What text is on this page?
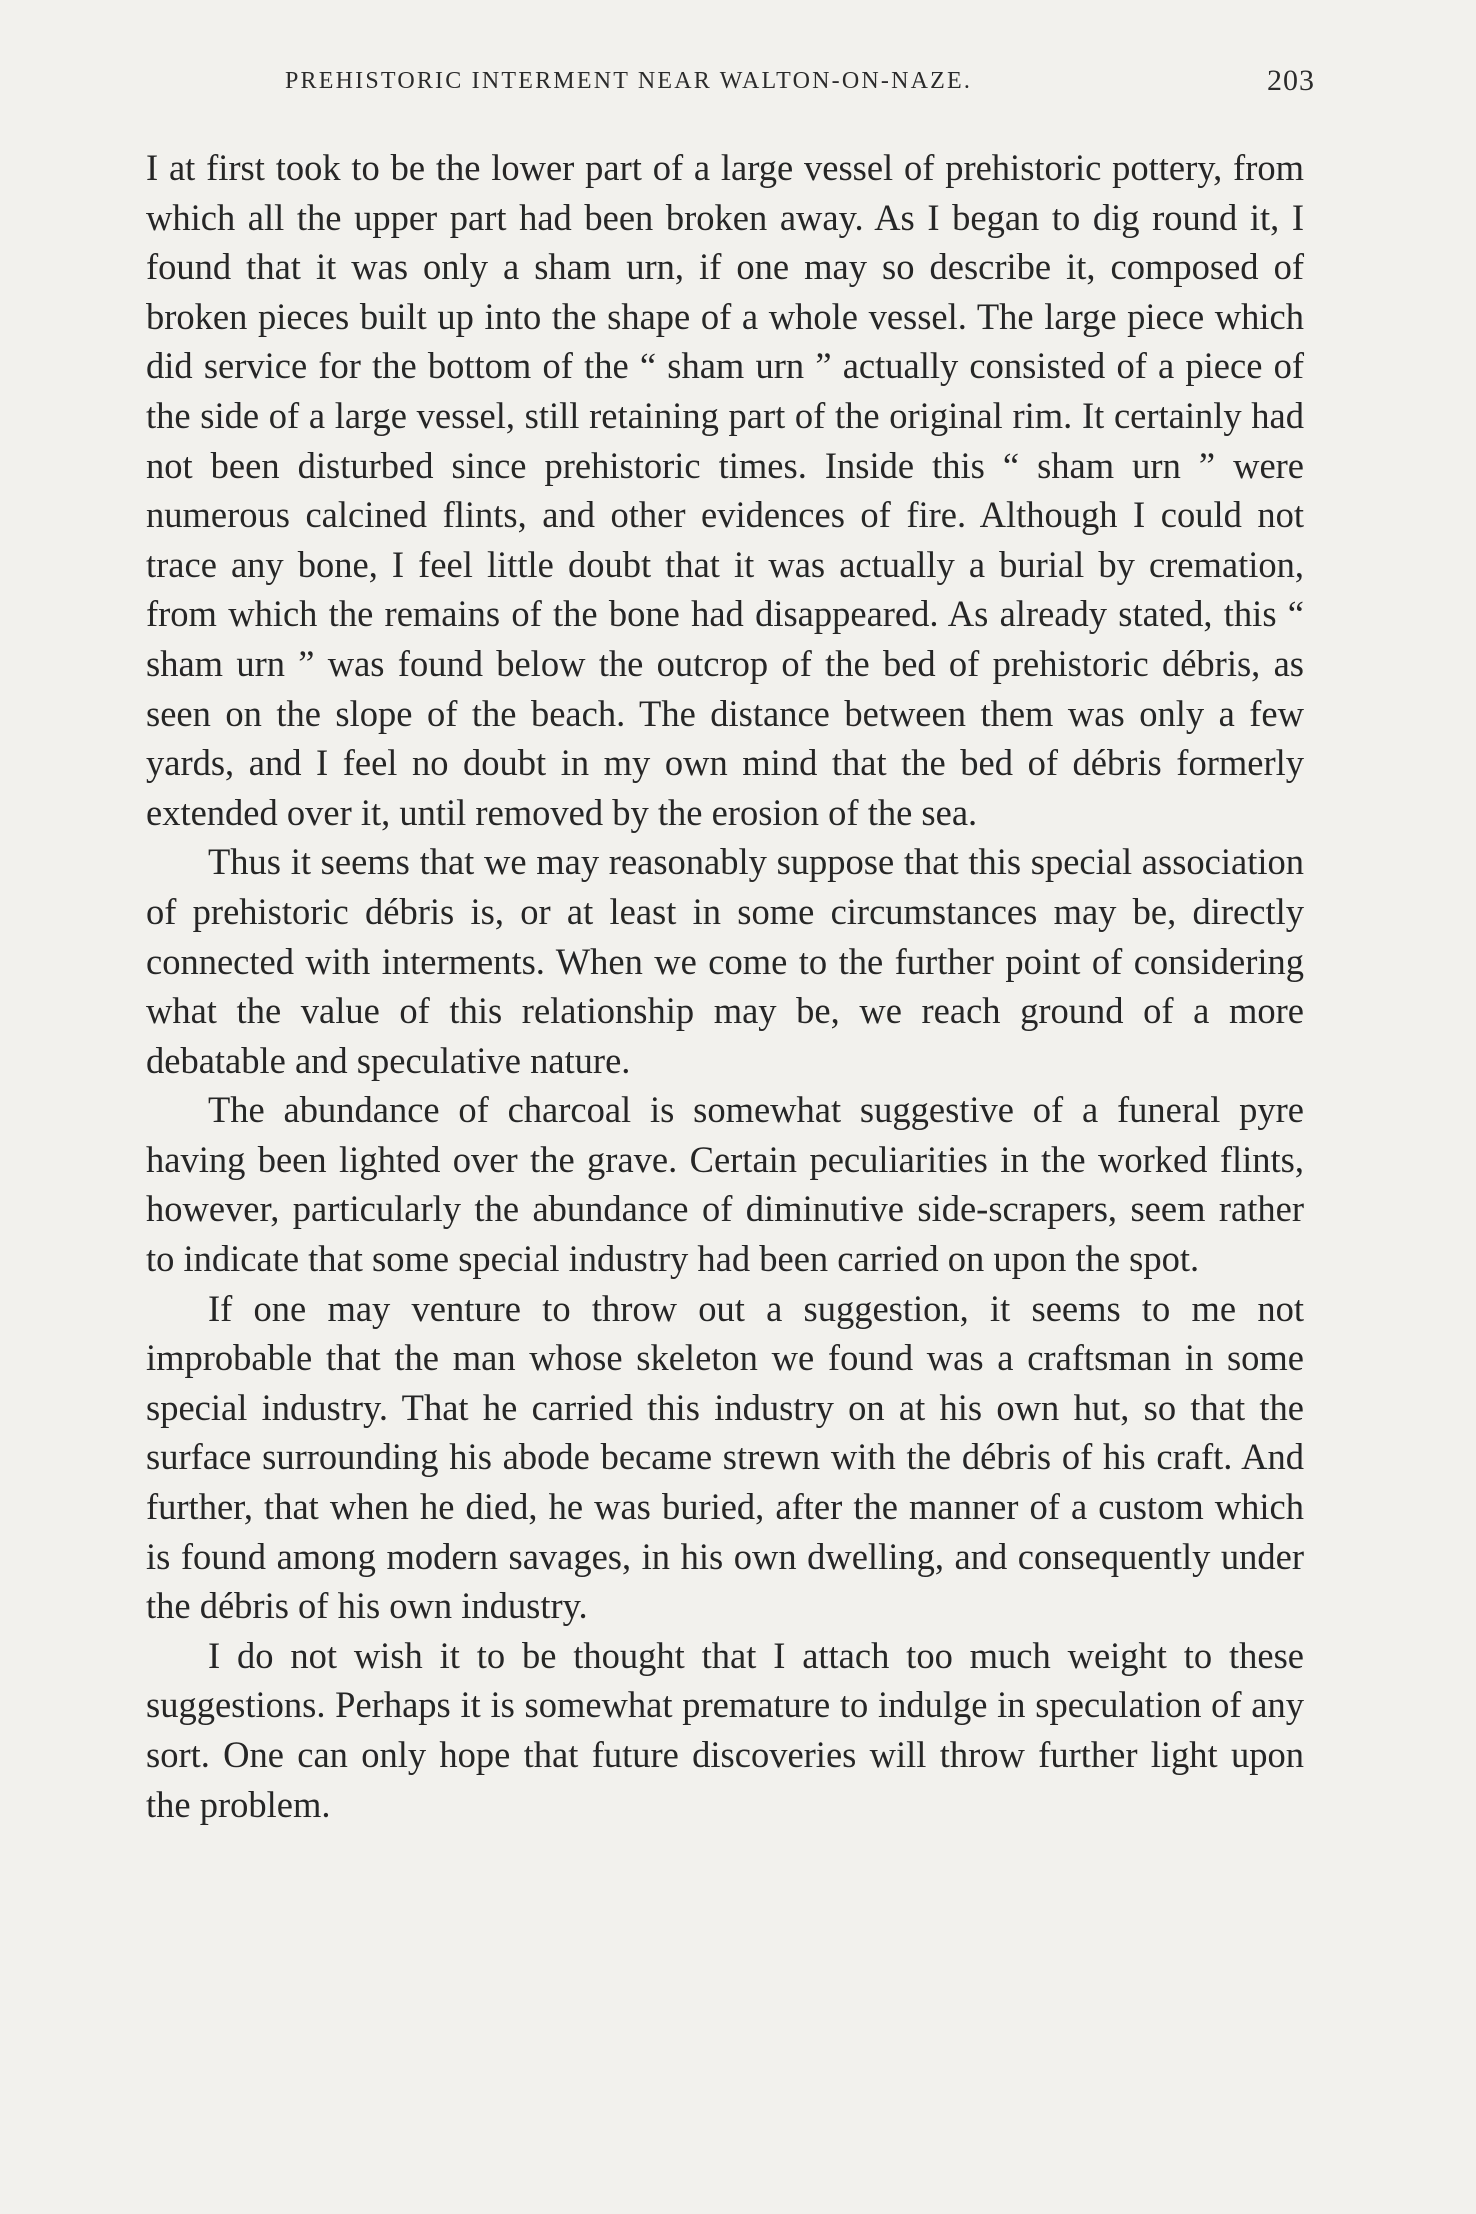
PREHISTORIC INTERMENT NEAR WALTON-ON-NAZE.	203

I at first took to be the lower part of a large vessel of prehistoric pottery, from which all the upper part had been broken away. As I began to dig round it, I found that it was only a sham urn, if one may so describe it, composed of broken pieces built up into the shape of a whole vessel. The large piece which did service for the bottom of the “ sham urn ” actually consisted of a piece of the side of a large vessel, still retaining part of the original rim. It certainly had not been disturbed since prehistoric times. Inside this “ sham urn ” were numerous calcined flints, and other evidences of fire. Although I could not trace any bone, I feel little doubt that it was actually a burial by cremation, from which the remains of the bone had disappeared. As already stated, this “ sham urn ” was found below the outcrop of the bed of prehistoric débris, as seen on the slope of the beach. The distance between them was only a few yards, and I feel no doubt in my own mind that the bed of débris formerly extended over it, until removed by the erosion of the sea.

Thus it seems that we may reasonably suppose that this special association of prehistoric débris is, or at least in some circumstances may be, directly connected with interments. When we come to the further point of considering what the value of this relationship may be, we reach ground of a more debatable and speculative nature.

The abundance of charcoal is somewhat suggestive of a funeral pyre having been lighted over the grave. Certain peculiarities in the worked flints, however, particularly the abundance of diminutive side-scrapers, seem rather to indicate that some special industry had been carried on upon the spot.

If one may venture to throw out a suggestion, it seems to me not improbable that the man whose skeleton we found was a craftsman in some special industry. That he carried this industry on at his own hut, so that the surface surrounding his abode became strewn with the débris of his craft. And further, that when he died, he was buried, after the manner of a custom which is found among modern savages, in his own dwelling, and consequently under the débris of his own industry.

I do not wish it to be thought that I attach too much weight to these suggestions. Perhaps it is somewhat premature to indulge in speculation of any sort. One can only hope that future discoveries will throw further light upon the problem.
